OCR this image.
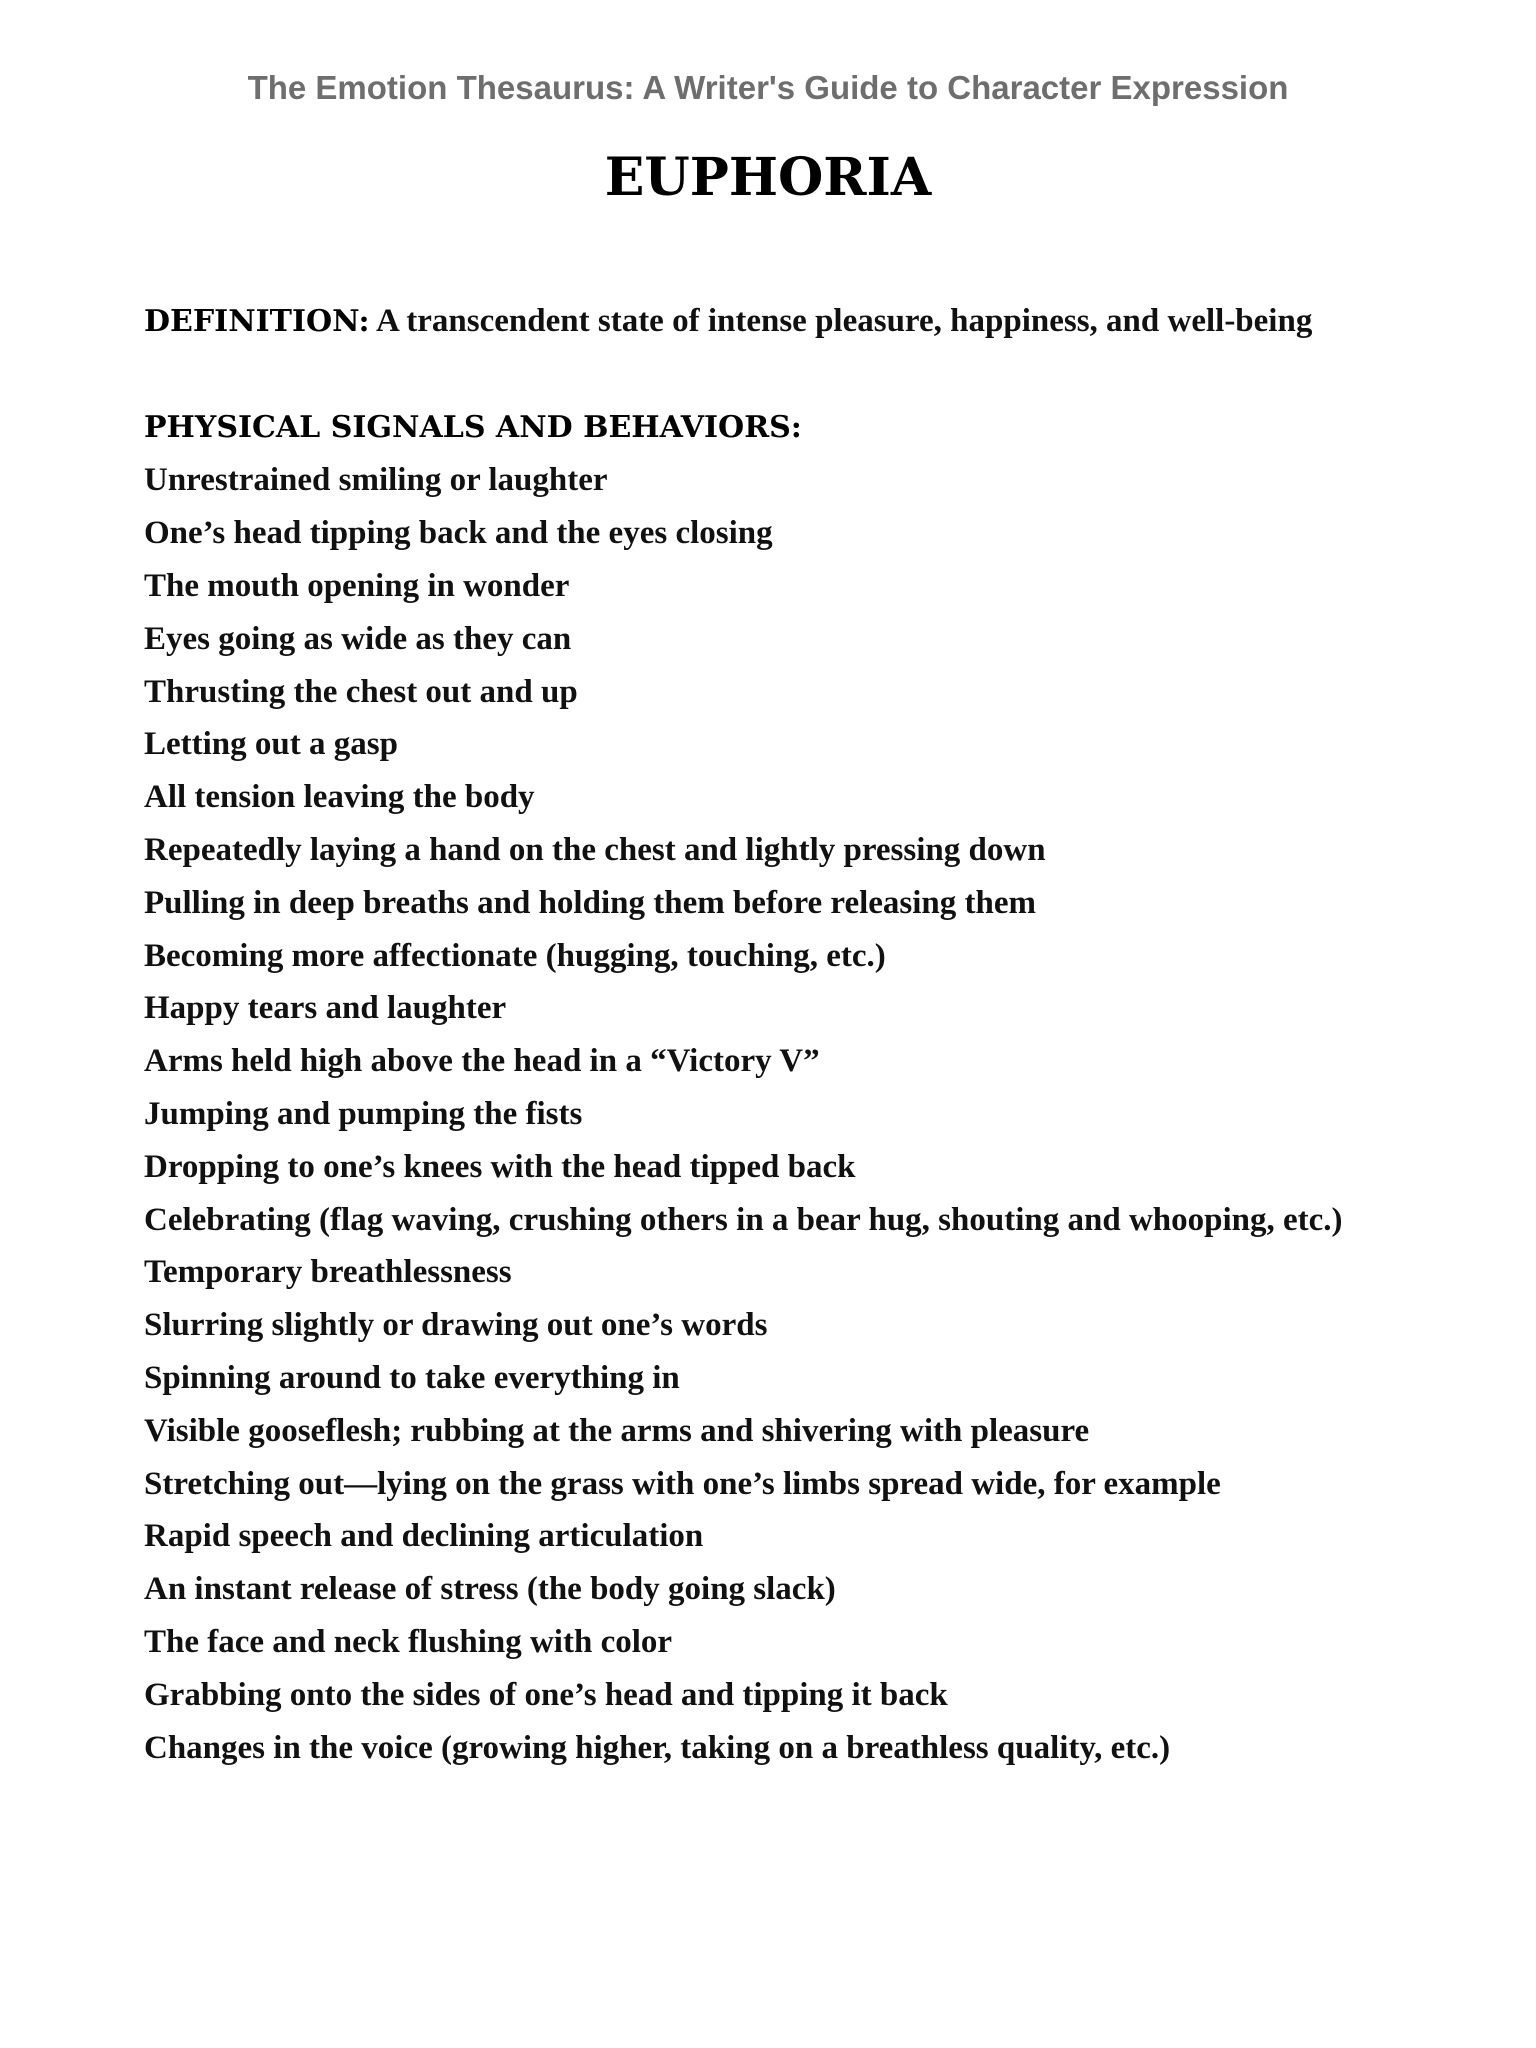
The Emotion Thesaurus: A Writer's Guide to Character Expression
EUPHORIA

DEFINITION: A transcendent state of intense pleasure, happiness, and well-being

PHYSICAL SIGNALS AND BEHAVIORS:
Unrestrained smiling or laughter
One’s head tipping back and the eyes closing
The mouth opening in wonder
Eyes going as wide as they can
Thrusting the chest out and up
Letting out a gasp
All tension leaving the body
Repeatedly laying a hand on the chest and lightly pressing down
Pulling in deep breaths and holding them before releasing them
Becoming more affectionate (hugging, touching, etc.)
Happy tears and laughter
Arms held high above the head in a “Victory V”
Jumping and pumping the fists
Dropping to one’s knees with the head tipped back
Celebrating (flag waving, crushing others in a bear hug, shouting and whooping, etc.)
Temporary breathlessness
Slurring slightly or drawing out one’s words
Spinning around to take everything in
Visible gooseflesh; rubbing at the arms and shivering with pleasure
Stretching out—lying on the grass with one’s limbs spread wide, for example
Rapid speech and declining articulation
An instant release of stress (the body going slack)
The face and neck flushing with color
Grabbing onto the sides of one’s head and tipping it back
Changes in the voice (growing higher, taking on a breathless quality, etc.)
